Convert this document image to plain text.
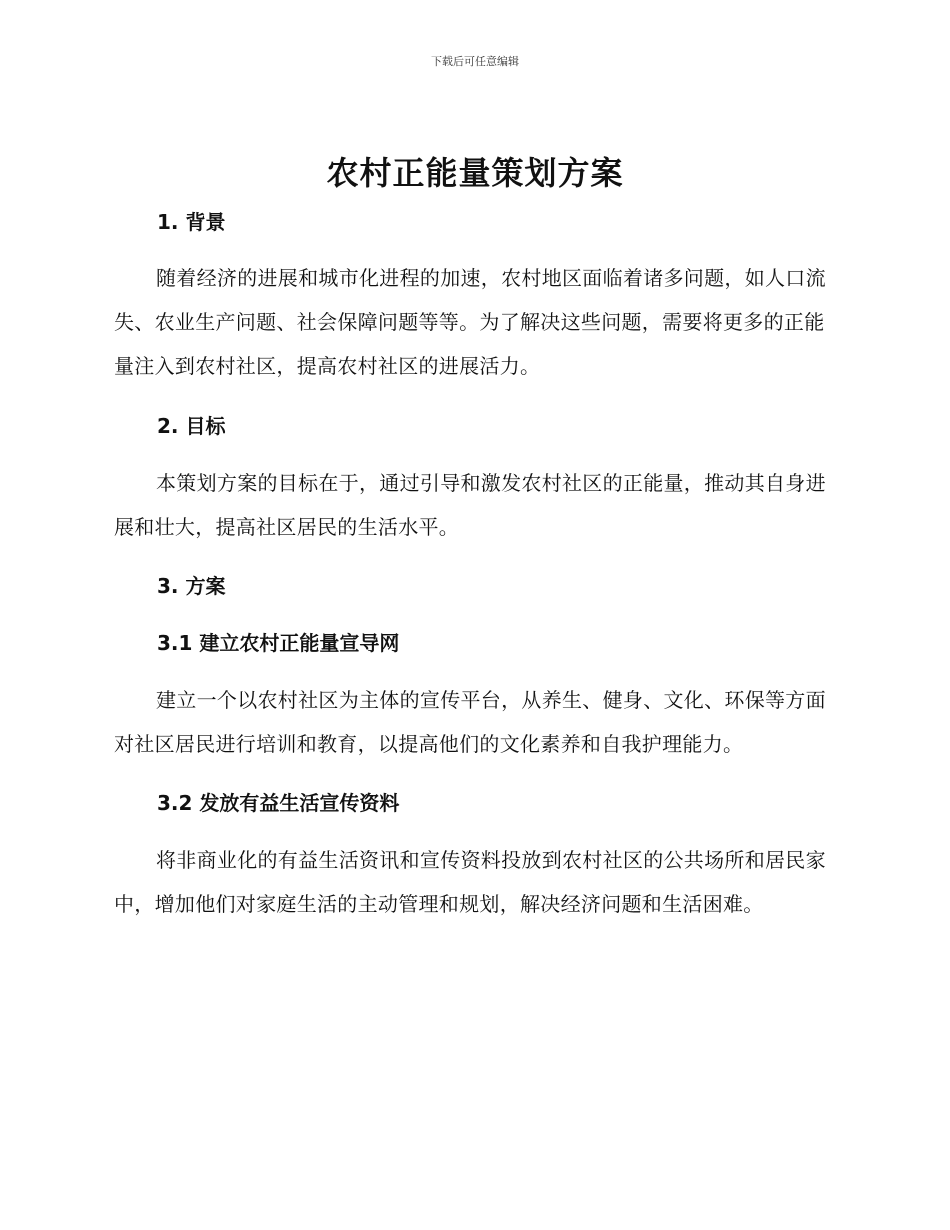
下载后可任意编辑
农村正能量策划方案
1. 背景

随着经济的进展和城市化进程的加速，农村地区面临着诸多问题，如人口流失、农业生产问题、社会保障问题等等。为了解决这些问题，需要将更多的正能量注入到农村社区，提高农村社区的进展活力。

2. 目标

本策划方案的目标在于，通过引导和激发农村社区的正能量，推动其自身进展和壮大，提高社区居民的生活水平。

3. 方案
3.1 建立农村正能量宣导网

建立一个以农村社区为主体的宣传平台，从养生、健身、文化、环保等方面对社区居民进行培训和教育，以提高他们的文化素养和自我护理能力。

3.2 发放有益生活宣传资料

将非商业化的有益生活资讯和宣传资料投放到农村社区的公共场所和居民家中，增加他们对家庭生活的主动管理和规划，解决经济问题和生活困难。
